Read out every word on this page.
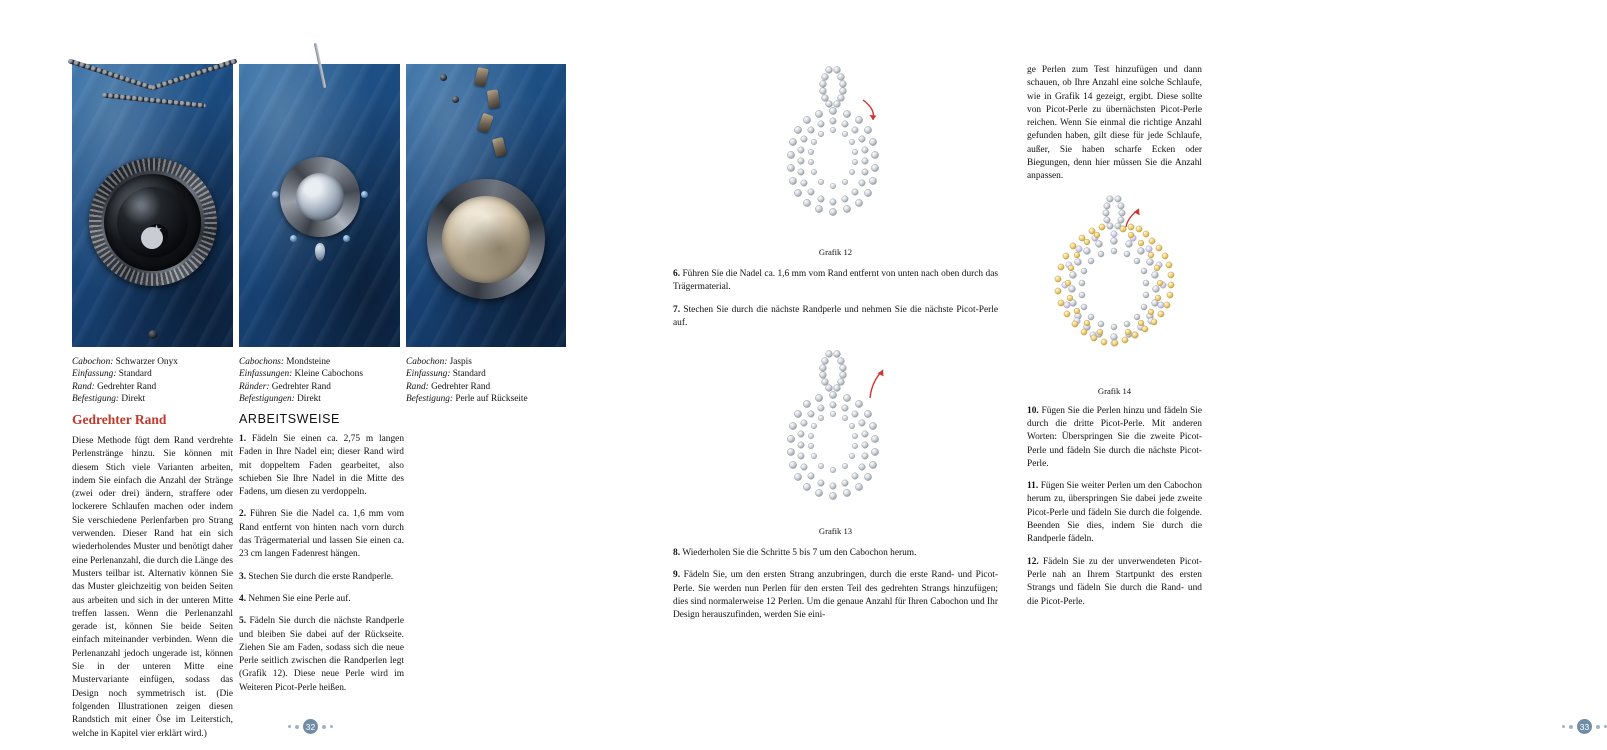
Cabochon: Schwarzer Onyx
Einfassung: Standard
Rand: Gedrehter Rand
Befestigung: Direkt
Cabochons: Mondsteine
Einfassungen: Kleine Cabochons
Ränder: Gedrehter Rand
Befestigungen: Direkt
Cabochon: Jaspis
Einfassung: Standard
Rand: Gedrehter Rand
Befestigung: Perle auf Rückseite
Gedrehter Rand

Diese Methode fügt dem Rand verdrehte Perlenstränge hinzu. Sie können mit diesem Stich viele Varianten arbeiten, indem Sie einfach die Anzahl der Stränge (zwei oder drei) ändern, straffere oder lockerere Schlaufen machen oder indem Sie verschiedene Perlenfarben pro Strang verwenden. Dieser Rand hat ein sich wiederholendes Muster und benötigt daher eine Perlenanzahl, die durch die Länge des Musters teilbar ist. Alternativ können Sie das Muster gleichzeitig von beiden Seiten aus arbeiten und sich in der unteren Mitte treffen lassen. Wenn die Perlenanzahl gerade ist, können Sie beide Seiten einfach miteinander verbinden. Wenn die Perlenanzahl jedoch ungerade ist, können Sie in der unteren Mitte eine Mustervariante einfügen, sodass das Design noch symmetrisch ist. (Die folgenden Illustrationen zeigen diesen Randstich mit einer Öse im Leiterstich, welche in Kapitel vier erklärt wird.)

ARBEITSWEISE

1. Fädeln Sie einen ca. 2,75 m langen Faden in Ihre Nadel ein; dieser Rand wird mit doppeltem Faden gearbeitet, also schieben Sie Ihre Nadel in die Mitte des Fadens, um diesen zu verdoppeln.

2. Führen Sie die Nadel ca. 1,6 mm vom Rand entfernt von hinten nach vorn durch das Trägermaterial und lassen Sie einen ca. 23 cm langen Fadenrest hängen.

3. Stechen Sie durch die erste Randperle.

4. Nehmen Sie eine Perle auf.

5. Fädeln Sie durch die nächste Randperle und bleiben Sie dabei auf der Rückseite. Ziehen Sie am Faden, sodass sich die neue Perle seitlich zwischen die Randperlen legt (Grafik 12). Diese neue Perle wird im Weiteren Picot-Perle heißen.

32
Grafik 12

6. Führen Sie die Nadel ca. 1,6 mm vom Rand entfernt von unten nach oben durch das Trägermaterial.

7. Stechen Sie durch die nächste Randperle und nehmen Sie die nächste Picot-Perle auf.

Grafik 13

8. Wiederholen Sie die Schritte 5 bis 7 um den Cabochon herum.

9. Fädeln Sie, um den ersten Strang anzubringen, durch die erste Rand- und Picot-Perle. Sie werden nun Perlen für den ersten Teil des gedrehten Strangs hinzufügen; dies sind normalerweise 12 Perlen. Um die genaue Anzahl für Ihren Cabochon und Ihr Design herauszufinden, werden Sie eini-

ge Perlen zum Test hinzufügen und dann schauen, ob Ihre Anzahl eine solche Schlaufe, wie in Grafik 14 gezeigt, ergibt. Diese sollte von Picot-Perle zu übernächsten Picot-Perle reichen. Wenn Sie einmal die richtige Anzahl gefunden haben, gilt diese für jede Schlaufe, außer, Sie haben scharfe Ecken oder Biegungen, denn hier müssen Sie die Anzahl anpassen.

Grafik 14

10. Fügen Sie die Perlen hinzu und fädeln Sie durch die dritte Picot-Perle. Mit anderen Worten: Überspringen Sie die zweite Picot-Perle und fädeln Sie durch die nächste Picot-Perle.

11. Fügen Sie weiter Perlen um den Cabochon herum zu, überspringen Sie dabei jede zweite Picot-Perle und fädeln Sie durch die folgende. Beenden Sie dies, indem Sie durch die Randperle fädeln.

12. Fädeln Sie zu der unverwendeten Picot-Perle nah an Ihrem Startpunkt des ersten Strangs und fädeln Sie durch die Rand- und die Picot-Perle.

33
